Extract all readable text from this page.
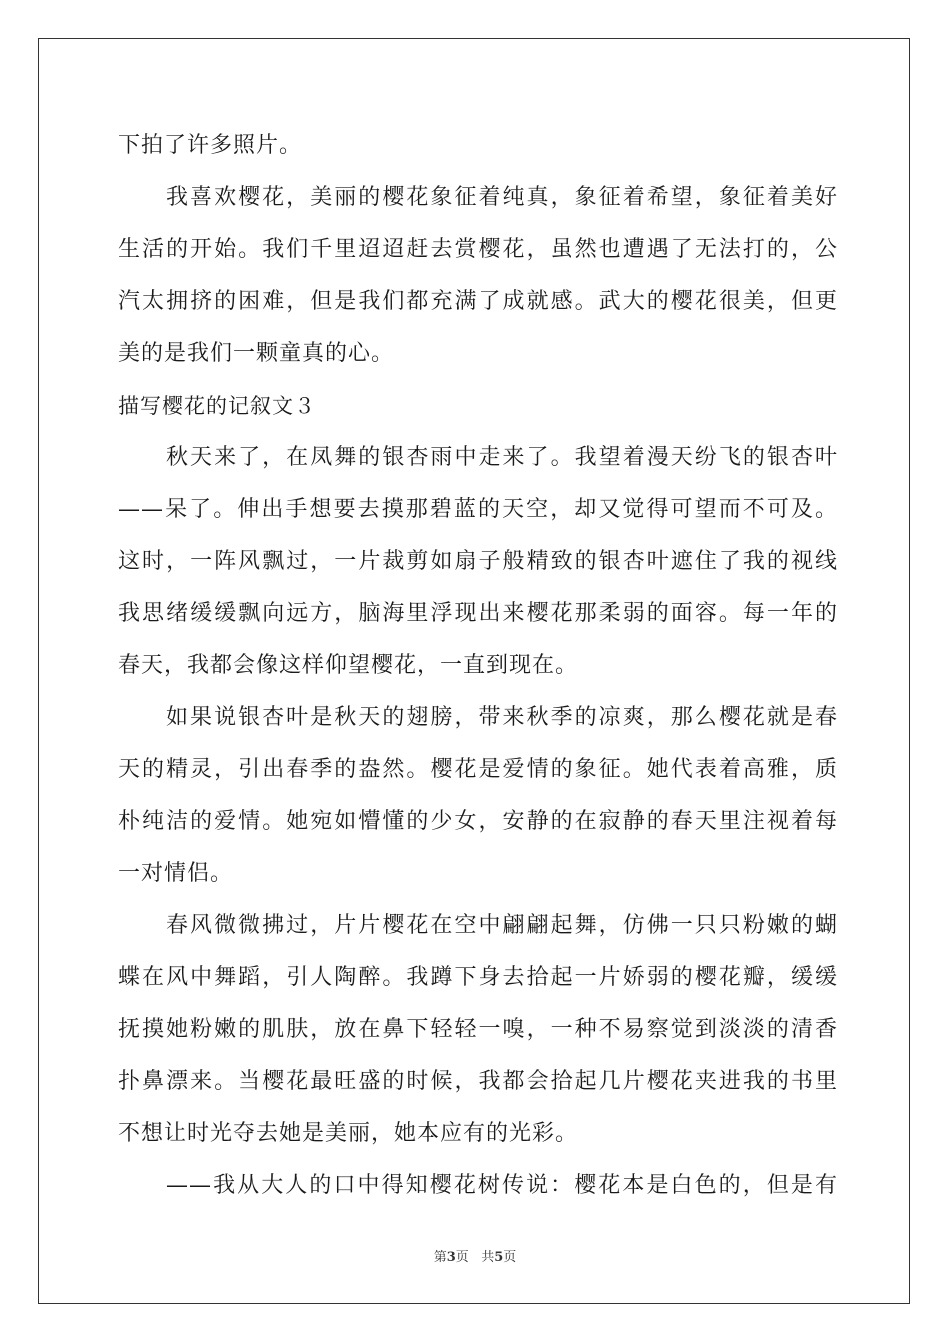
下拍了许多照片。
我喜欢樱花，美丽的樱花象征着纯真，象征着希望，象征着美好
生活的开始。我们千里迢迢赶去赏樱花，虽然也遭遇了无法打的，公
汽太拥挤的困难，但是我们都充满了成就感。武大的樱花很美，但更
美的是我们一颗童真的心。
描写樱花的记叙文３
秋天来了，在凤舞的银杏雨中走来了。我望着漫天纷飞的银杏叶
——呆了。伸出手想要去摸那碧蓝的天空，却又觉得可望而不可及。
这时，一阵风飘过，一片裁剪如扇子般精致的银杏叶遮住了我的视线
我思绪缓缓飘向远方，脑海里浮现出来樱花那柔弱的面容。每一年的
春天，我都会像这样仰望樱花，一直到现在。
如果说银杏叶是秋天的翅膀，带来秋季的凉爽，那么樱花就是春
天的精灵，引出春季的盎然。樱花是爱情的象征。她代表着高雅，质
朴纯洁的爱情。她宛如懵懂的少女，安静的在寂静的春天里注视着每
一对情侣。
春风微微拂过，片片樱花在空中翩翩起舞，仿佛一只只粉嫩的蝴
蝶在风中舞蹈，引人陶醉。我蹲下身去拾起一片娇弱的樱花瓣，缓缓
抚摸她粉嫩的肌肤，放在鼻下轻轻一嗅，一种不易察觉到淡淡的清香
扑鼻漂来。当樱花最旺盛的时候，我都会拾起几片樱花夹进我的书里
不想让时光夺去她是美丽，她本应有的光彩。
——我从大人的口中得知樱花树传说：樱花本是白色的，但是有
第3页 共5页
